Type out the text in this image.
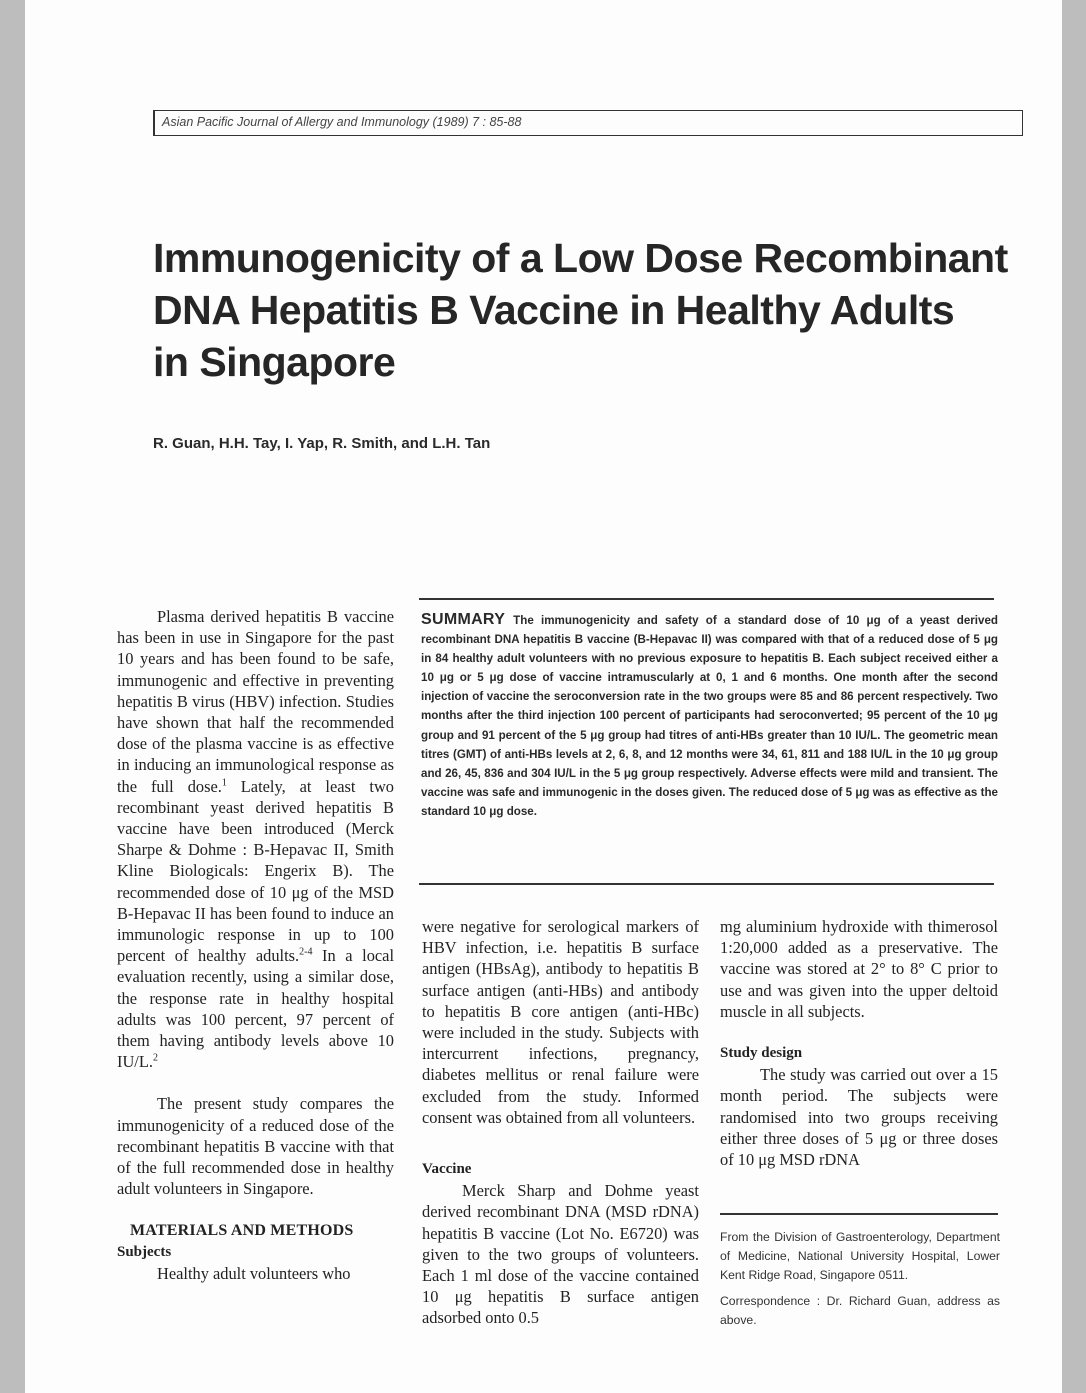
Asian Pacific Journal of Allergy and Immunology (1989) 7 : 85-88
Immunogenicity of a Low Dose Recombinant
DNA Hepatitis B Vaccine in Healthy Adults
in Singapore
R. Guan, H.H. Tay, I. Yap, R. Smith, and L.H. Tan

Plasma derived hepatitis B vaccine has been in use in Singapore for the past 10 years and has been found to be safe, immunogenic and effective in preventing hepatitis B virus (HBV) infection. Studies have shown that half the recommended dose of the plasma vaccine is as effective in inducing an immunological response as the full dose.$^1$ Lately, at least two recombinant yeast derived hepatitis B vaccine have been introduced (Merck Sharpe & Dohme : B-Hepavac II, Smith Kline Biologicals: Engerix B). The recommended dose of 10 μg of the MSD B-Hepavac II has been found to induce an immunologic response in up to 100 percent of healthy adults.$^{2-4}$ In a local evaluation recently, using a similar dose, the response rate in healthy hospital adults was 100 percent, 97 percent of them having antibody levels above 10 IU/L.$^2$

The present study compares the immunogenicity of a reduced dose of the recombinant hepatitis B vaccine with that of the full recommended dose in healthy adult volunteers in Singapore.

MATERIALS AND METHODS

Subjects

Healthy adult volunteers who

SUMMARY The immunogenicity and safety of a standard dose of 10 μg of a yeast derived recombinant DNA hepatitis B vaccine (B-Hepavac II) was compared with that of a reduced dose of 5 μg in 84 healthy adult volunteers with no previous exposure to hepatitis B. Each subject received either a 10 μg or 5 μg dose of vaccine intramuscularly at 0, 1 and 6 months. One month after the second injection of vaccine the seroconversion rate in the two groups were 85 and 86 percent respectively. Two months after the third injection 100 percent of participants had seroconverted; 95 percent of the 10 μg group and 91 percent of the 5 μg group had titres of anti-HBs greater than 10 IU/L. The geometric mean titres (GMT) of anti-HBs levels at 2, 6, 8, and 12 months were 34, 61, 811 and 188 IU/L in the 10 μg group and 26, 45, 836 and 304 IU/L in the 5 μg group respectively. Adverse effects were mild and transient. The vaccine was safe and immunogenic in the doses given. The reduced dose of 5 μg was as effective as the standard 10 μg dose.

were negative for serological markers of HBV infection, i.e. hepatitis B surface antigen (HBsAg), antibody to hepatitis B surface antigen (anti-HBs) and antibody to hepatitis B core antigen (anti-HBc) were included in the study. Subjects with intercurrent infections, pregnancy, diabetes mellitus or renal failure were excluded from the study. Informed consent was obtained from all volunteers.

Vaccine

Merck Sharp and Dohme yeast derived recombinant DNA (MSD rDNA) hepatitis B vaccine (Lot No. E6720) was given to the two groups of volunteers. Each 1 ml dose of the vaccine contained 10 μg hepatitis B surface antigen adsorbed onto 0.5

mg aluminium hydroxide with thimerosol 1:20,000 added as a preservative. The vaccine was stored at 2° to 8° C prior to use and was given into the upper deltoid muscle in all subjects.

Study design

The study was carried out over a 15 month period. The subjects were randomised into two groups receiving either three doses of 5 μg or three doses of 10 μg MSD rDNA

From the Division of Gastroenterology, Department of Medicine, National University Hospital, Lower Kent Ridge Road, Singapore 0511.

Correspondence : Dr. Richard Guan, address as above.
